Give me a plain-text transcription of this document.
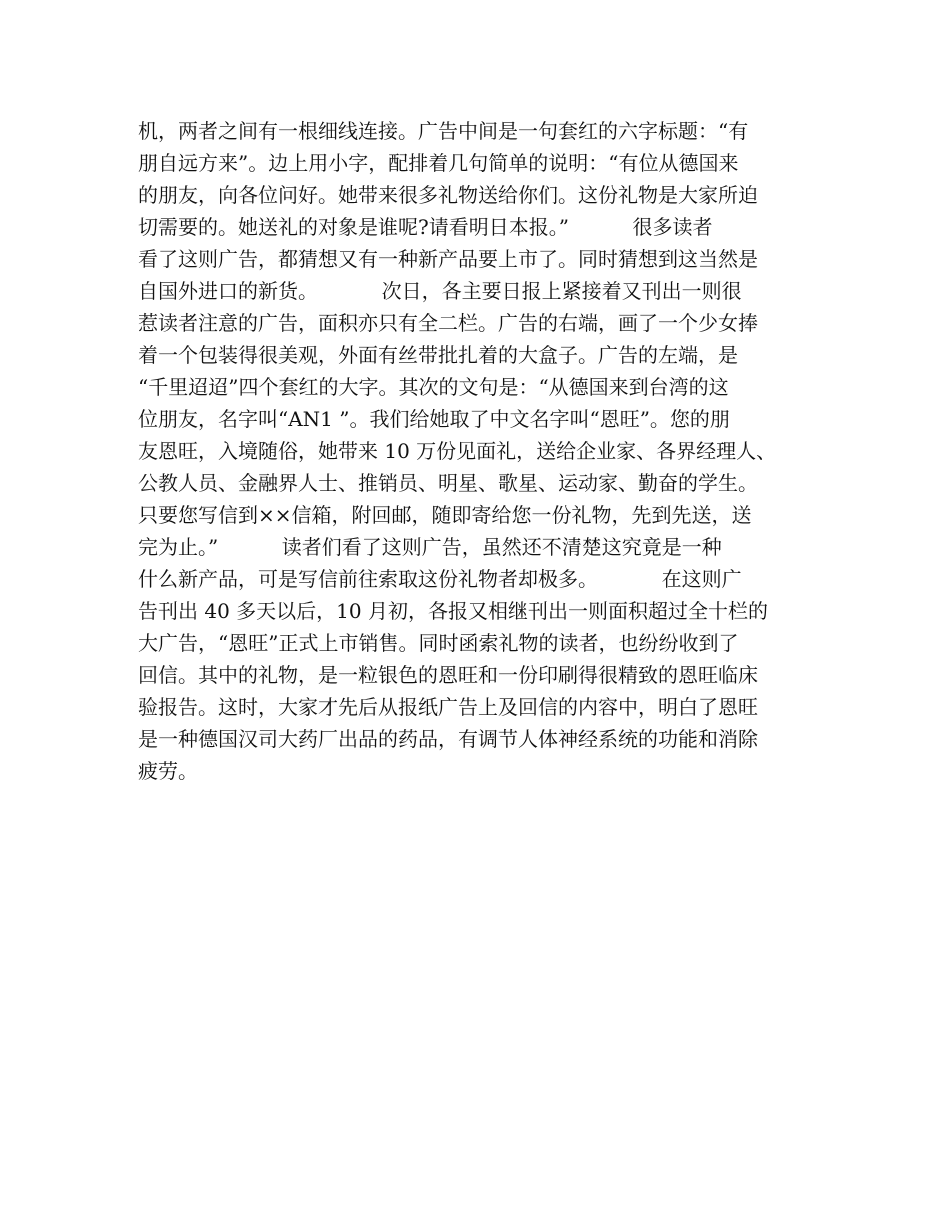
机，两者之间有一根细线连接。广告中间是一句套红的六字标题：“有
朋自远方来”。边上用小字，配排着几句简单的说明：“有位从德国来
的朋友，向各位问好。她带来很多礼物送给你们。这份礼物是大家所迫
切需要的。她送礼的对象是谁呢?请看明日本报。”          很多读者
看了这则广告，都猜想又有一种新产品要上市了。同时猜想到这当然是
自国外进口的新货。          次日，各主要日报上紧接着又刊出一则很
惹读者注意的广告，面积亦只有全二栏。广告的右端，画了一个少女捧
着一个包装得很美观，外面有丝带批扎着的大盒子。广告的左端，是
“千里迢迢”四个套红的大字。其次的文句是：“从德国来到台湾的这
位朋友，名字叫“AN1 ”。我们给她取了中文名字叫“恩旺”。您的朋
友恩旺，入境随俗，她带来 10 万份见面礼，送给企业家、各界经理人、
公教人员、金融界人士、推销员、明星、歌星、运动家、勤奋的学生。
只要您写信到××信箱，附回邮，随即寄给您一份礼物，先到先送，送
完为止。”          读者们看了这则广告，虽然还不清楚这究竟是一种
什么新产品，可是写信前往索取这份礼物者却极多。          在这则广
告刊出 40 多天以后，10 月初，各报又相继刊出一则面积超过全十栏的
大广告，“恩旺”正式上市销售。同时函索礼物的读者，也纷纷收到了
回信。其中的礼物，是一粒银色的恩旺和一份印刷得很精致的恩旺临床
验报告。这时，大家才先后从报纸广告上及回信的内容中，明白了恩旺
是一种德国汉司大药厂出品的药品，有调节人体神经系统的功能和消除
疲劳。
